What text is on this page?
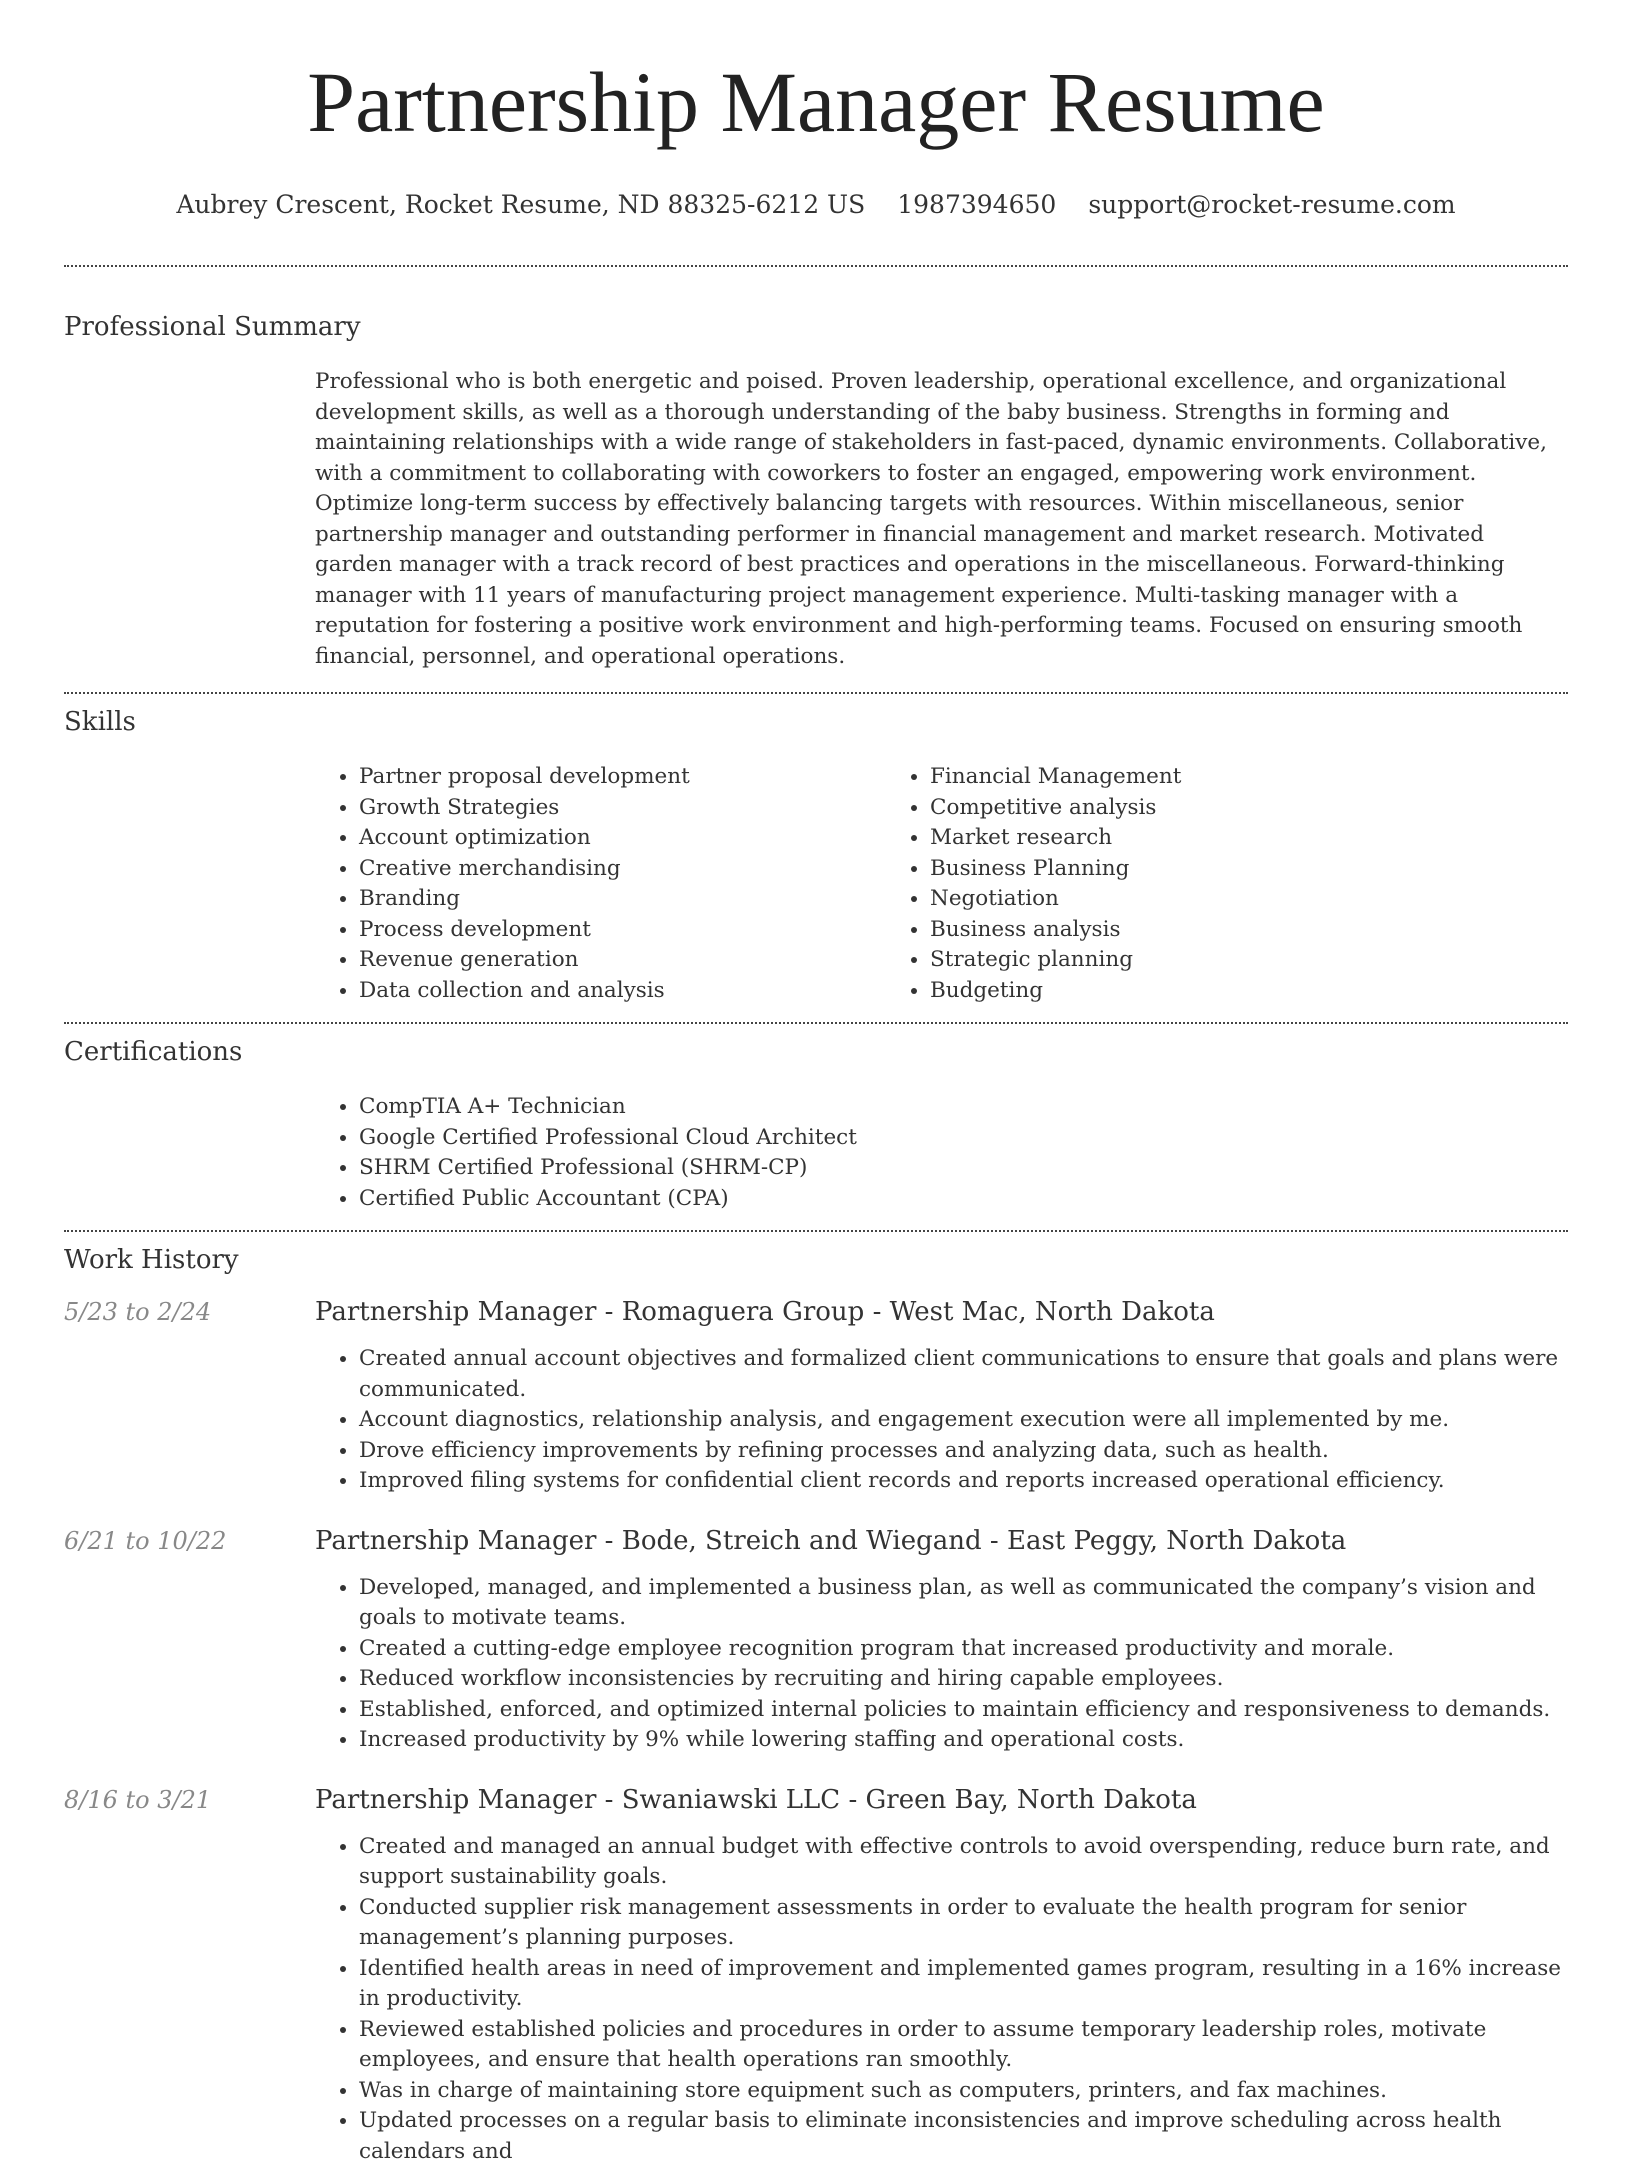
Partnership Manager Resume
Aubrey Crescent, Rocket Resume, ND 88325-6212 US 1987394650 support@rocket-resume.com
Professional Summary

Professional who is both energetic and poised. Proven leadership, operational excellence, and organizational development skills, as well as a thorough understanding of the baby business. Strengths in forming and maintaining relationships with a wide range of stakeholders in fast-paced, dynamic environments. Collaborative, with a commitment to collaborating with coworkers to foster an engaged, empowering work environment. Optimize long-term success by effectively balancing targets with resources. Within miscellaneous, senior partnership manager and outstanding performer in financial management and market research. Motivated garden manager with a track record of best practices and operations in the miscellaneous. Forward-thinking manager with 11 years of manufacturing project management experience. Multi-tasking manager with a reputation for fostering a positive work environment and high-performing teams. Focused on ensuring smooth financial, personnel, and operational operations.

Skills
• Partner proposal development
• Growth Strategies
• Account optimization
• Creative merchandising
• Branding
• Process development
• Revenue generation
• Data collection and analysis
• Financial Management
• Competitive analysis
• Market research
• Business Planning
• Negotiation
• Business analysis
• Strategic planning
• Budgeting
Certifications
• CompTIA A+ Technician
• Google Certified Professional Cloud Architect
• SHRM Certified Professional (SHRM-CP)
• Certified Public Accountant (CPA)
Work History
5/23 to 2/24	Partnership Manager - Romaguera Group - West Mac, North Dakota
• Created annual account objectives and formalized client communications to ensure that goals and plans were communicated.
• Account diagnostics, relationship analysis, and engagement execution were all implemented by me.
• Drove efficiency improvements by refining processes and analyzing data, such as health.
• Improved filing systems for confidential client records and reports increased operational efficiency.
6/21 to 10/22	Partnership Manager - Bode, Streich and Wiegand - East Peggy, North Dakota
• Developed, managed, and implemented a business plan, as well as communicated the company’s vision and goals to motivate teams.
• Created a cutting-edge employee recognition program that increased productivity and morale.
• Reduced workflow inconsistencies by recruiting and hiring capable employees.
• Established, enforced, and optimized internal policies to maintain efficiency and responsiveness to demands.
• Increased productivity by 9% while lowering staffing and operational costs.
8/16 to 3/21	Partnership Manager - Swaniawski LLC - Green Bay, North Dakota
• Created and managed an annual budget with effective controls to avoid overspending, reduce burn rate, and support sustainability goals.
• Conducted supplier risk management assessments in order to evaluate the health program for senior management’s planning purposes.
• Identified health areas in need of improvement and implemented games program, resulting in a 16% increase in productivity.
• Reviewed established policies and procedures in order to assume temporary leadership roles, motivate employees, and ensure that health operations ran smoothly.
• Was in charge of maintaining store equipment such as computers, printers, and fax machines.
• Updated processes on a regular basis to eliminate inconsistencies and improve scheduling across health calendars and
